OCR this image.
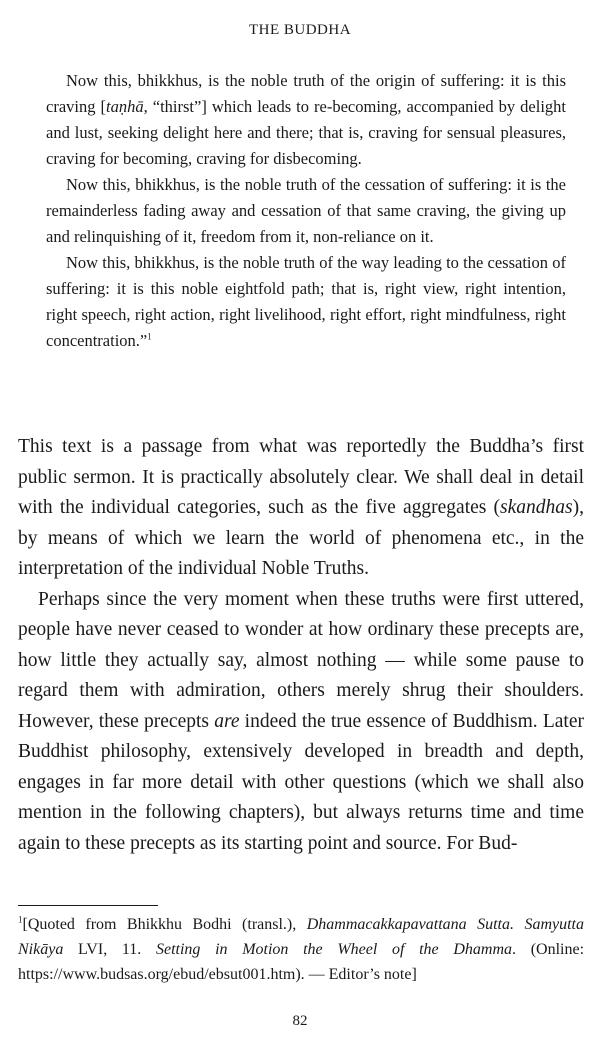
THE BUDDHA

Now this, bhikkhus, is the noble truth of the origin of suffering: it is this craving [taṇhā, “thirst”] which leads to re-becoming, accompanied by delight and lust, seeking delight here and there; that is, craving for sensual pleasures, craving for becoming, craving for disbecoming.

Now this, bhikkhus, is the noble truth of the cessation of suffering: it is the remainderless fading away and cessation of that same craving, the giving up and relinquishing of it, freedom from it, non-reliance on it.

Now this, bhikkhus, is the noble truth of the way leading to the cessation of suffering: it is this noble eightfold path; that is, right view, right intention, right speech, right action, right livelihood, right effort, right mindfulness, right concentration.”$^1$

This text is a passage from what was reportedly the Buddha’s first public sermon. It is practically absolutely clear. We shall deal in detail with the individual categories, such as the five aggregates (skandhas), by means of which we learn the world of phenomena etc., in the interpretation of the individual Noble Truths.

Perhaps since the very moment when these truths were first uttered, people have never ceased to wonder at how ordinary these precepts are, how little they actually say, almost nothing — while some pause to regard them with admiration, others merely shrug their shoulders. However, these precepts are indeed the true essence of Buddhism. Later Buddhist philosophy, extensively developed in breadth and depth, engages in far more detail with other questions (which we shall also mention in the following chapters), but always returns time and time again to these precepts as its starting point and source. For Bud-

$^1$[Quoted from Bhikkhu Bodhi (transl.), Dhammacakkapavattana Sutta. Samyutta Nikāya LVI, 11. Setting in Motion the Wheel of the Dhamma. (Online: https://www.budsas.org/ebud/ebsut001.htm). — Editor’s note]

82
